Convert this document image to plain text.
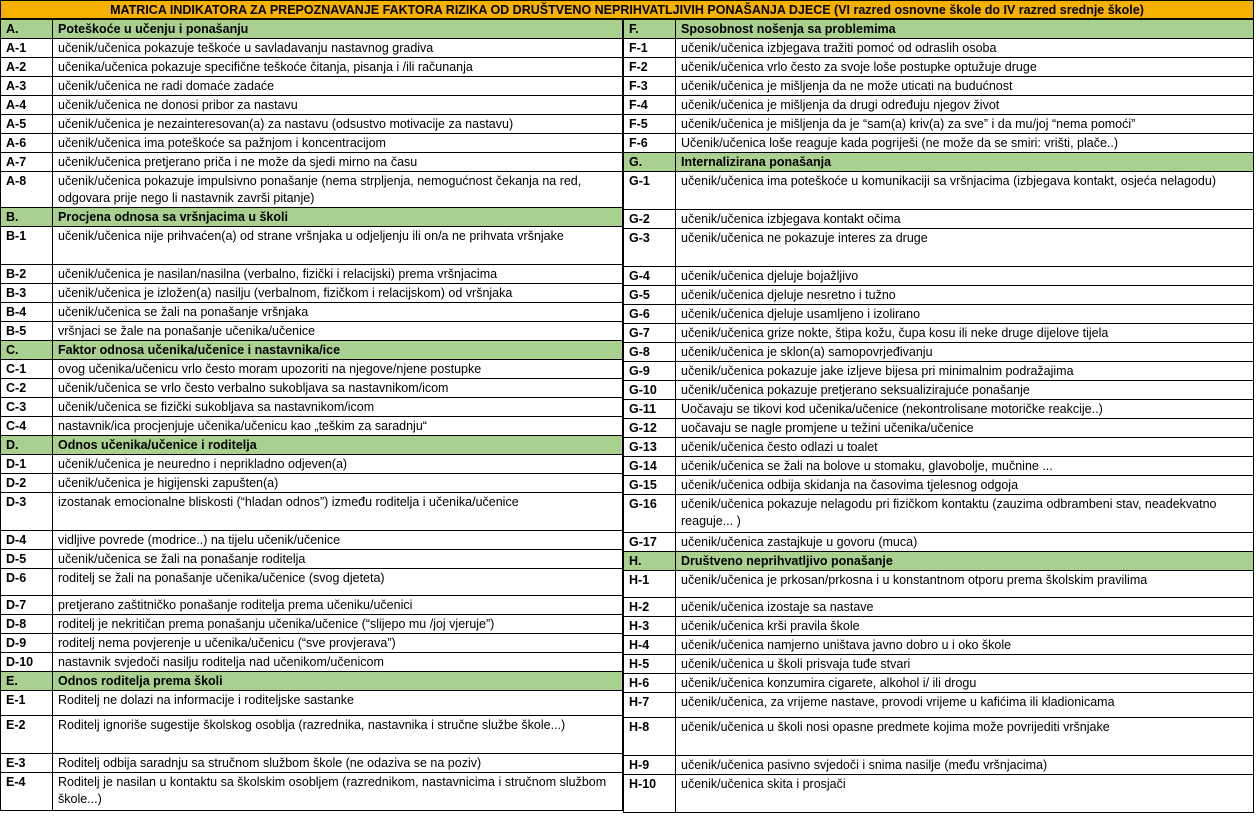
MATRICA INDIKATORA ZA PREPOZNAVANJE FAKTORA RIZIKA OD DRUŠTVENO NEPRIHVATLJIVIH PONAŠANJA DJECE (VI razred osnovne škole do IV razred srednje škole)
A.	Poteškoće u učenju i ponašanju
A-1	učenik/učenica pokazuje teškoće u savladavanju nastavnog gradiva
A-2	učenika/učenica pokazuje specifične teškoće čitanja, pisanja i /ili računanja
A-3	učenik/učenica ne radi domaće zadaće
A-4	učenik/učenica ne donosi pribor za nastavu
A-5	učenik/učenica je nezainteresovan(a) za nastavu (odsustvo motivacije za nastavu)
A-6	učenik/učenica ima poteškoće sa pažnjom i koncentracijom
A-7	učenik/učenica pretjerano priča i ne može da sjedi mirno na času
A-8	učenik/učenica pokazuje impulsivno ponašanje (nema strpljenja, nemogućnost čekanja na red, odgovara prije nego li nastavnik završi pitanje)
B.	Procjena odnosa sa vršnjacima u školi
B-1	učenik/učenica nije prihvaćen(a) od strane vršnjaka u odjeljenju ili on/a ne prihvata vršnjake
B-2	učenik/učenica je nasilan/nasilna (verbalno, fizički i relacijski) prema vršnjacima
B-3	učenik/učenica je izložen(a) nasilju (verbalnom, fizičkom i relacijskom) od vršnjaka
B-4	učenik/učenica se žali na ponašanje vršnjaka
B-5	vršnjaci se žale na ponašanje učenika/učenice
C.	Faktor odnosa učenika/učenice i nastavnika/ice
C-1	ovog učenika/učenicu vrlo često moram upozoriti na njegove/njene postupke
C-2	učenik/učenica se vrlo često verbalno sukobljava sa nastavnikom/icom
C-3	učenik/učenica se fizički sukobljava sa nastavnikom/icom
C-4	nastavnik/ica procjenjuje učenika/učenicu kao „teškim za saradnju“
D.	Odnos učenika/učenice i roditelja
D-1	učenik/učenica je neuredno i neprikladno odjeven(a)
D-2	učenik/učenica je higijenski zapušten(a)
D-3	izostanak emocionalne bliskosti (“hladan odnos”) između roditelja i učenika/učenice
D-4	vidljive povrede (modrice..) na tijelu učenik/učenice
D-5	učenik/učenica se žali na ponašanje roditelja
D-6	roditelj se žali na ponašanje učenika/učenice (svog djeteta)
D-7	pretjerano zaštitničko ponašanje roditelja prema učeniku/učenici
D-8	roditelj je nekritičan prema ponašanju učenika/učenice (“slijepo mu /joj vjeruje”)
D-9	roditelj nema povjerenje u učenika/učenicu (“sve provjerava”)
D-10	nastavnik svjedoči nasilju roditelja nad učenikom/učenicom
E.	Odnos roditelja prema školi
E-1	Roditelj ne dolazi na informacije i roditeljske sastanke
E-2	Roditelj ignoriše sugestije školskog osoblja (razrednika, nastavnika i stručne službe škole...)
E-3	Roditelj odbija saradnju sa stručnom službom škole (ne odaziva se na poziv)
E-4	Roditelj je nasilan u kontaktu sa školskim osobljem (razrednikom, nastavnicima i stručnom službom škole...)
F.	Sposobnost nošenja sa problemima
F-1	učenik/učenica izbjegava tražiti pomoć od odraslih osoba
F-2	učenik/učenica vrlo često za svoje loše postupke optužuje druge
F-3	učenik/učenica je mišljenja da ne može uticati na budućnost
F-4	učenik/učenica je mišljenja da drugi određuju njegov život
F-5	učenik/učenica je mišljenja da je “sam(a) kriv(a) za sve” i da mu/joj “nema pomoći”
F-6	Učenik/učenica loše reaguje kada pogriješi (ne može da se smiri: vrišti, plače..)
G.	Internalizirana ponašanja
G-1	učenik/učenica ima poteškoće u komunikaciji sa vršnjacima (izbjegava kontakt, osjeća nelagodu)
G-2	učenik/učenica izbjegava kontakt očima
G-3	učenik/učenica ne pokazuje interes za druge
G-4	učenik/učenica djeluje bojažljivo
G-5	učenik/učenica djeluje nesretno i tužno
G-6	učenik/učenica djeluje usamljeno i izolirano
G-7	učenik/učenica grize nokte, štipa kožu, čupa kosu ili neke druge dijelove tijela
G-8	učenik/učenica je sklon(a) samopovrjeđivanju
G-9	učenik/učenica pokazuje jake izljeve bijesa pri minimalnim podražajima
G-10	učenik/učenica pokazuje pretjerano seksualizirajuće ponašanje
G-11	Uočavaju se tikovi kod učenika/učenice (nekontrolisane motoričke reakcije..)
G-12	uočavaju se nagle promjene u težini učenika/učenice
G-13	učenik/učenica često odlazi u toalet
G-14	učenik/učenica se žali na bolove u stomaku, glavobolje, mučnine ...
G-15	učenik/učenica odbija skidanja na časovima tjelesnog odgoja
G-16	učenik/učenica pokazuje nelagodu pri fizičkom kontaktu (zauzima odbrambeni stav, neadekvatno reaguje... )
G-17	učenik/učenica zastajkuje u govoru (muca)
H.	Društveno neprihvatljivo ponašanje
H-1	učenik/učenica je prkosan/prkosna i u konstantnom otporu prema školskim pravilima
H-2	učenik/učenica izostaje sa nastave
H-3	učenik/učenica krši pravila škole
H-4	učenik/učenica namjerno uništava javno dobro u i oko škole
H-5	učenik/učenica u školi prisvaja tuđe stvari
H-6	učenik/učenica konzumira cigarete, alkohol i/ ili drogu
H-7	učenik/učenica, za vrijeme nastave, provodi vrijeme u kafićima ili kladionicama
H-8	učenik/učenica u školi nosi opasne predmete kojima može povrijediti vršnjake
H-9	učenik/učenica pasivno svjedoči i snima nasilje (među vršnjacima)
H-10	učenik/učenica skita i prosjači
